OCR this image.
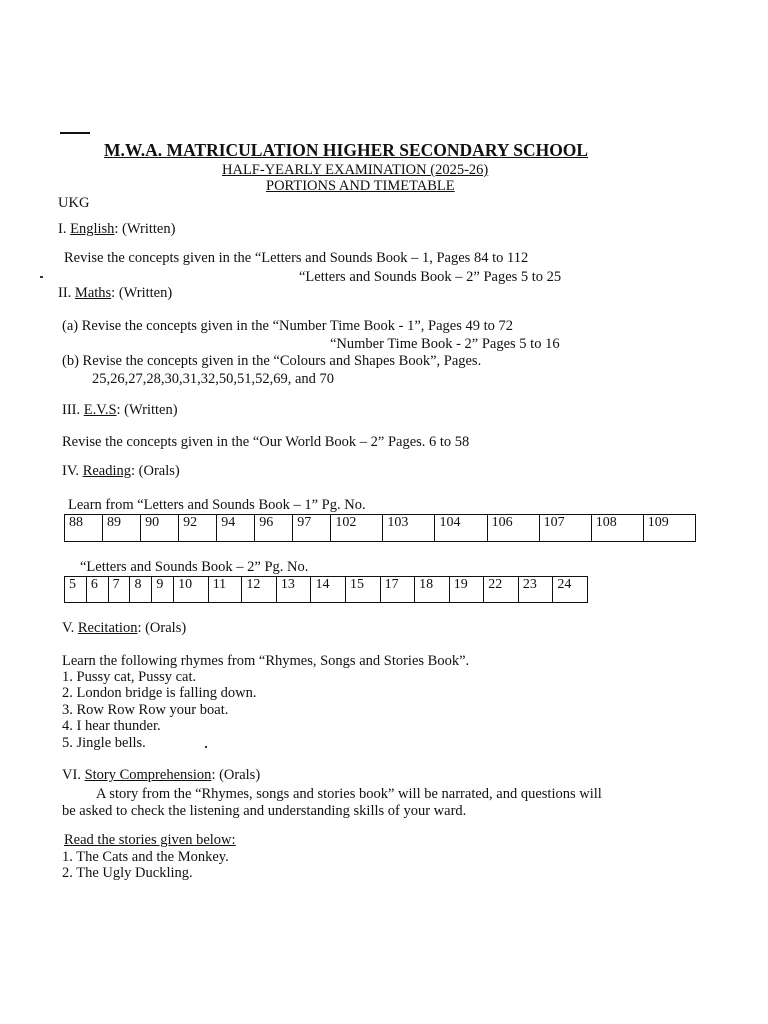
M.W.A. MATRICULATION HIGHER SECONDARY SCHOOL
HALF-YEARLY EXAMINATION (2025-26)
PORTIONS AND TIMETABLE
UKG
I. English: (Written)
Revise the concepts given in the “Letters and Sounds Book – 1, Pages 84 to 112
“Letters and Sounds Book – 2” Pages 5 to 25
II. Maths: (Written)
(a) Revise the concepts given in the “Number Time Book - 1”, Pages 49 to 72
“Number Time Book - 2” Pages 5 to 16
(b) Revise the concepts given in the “Colours and Shapes Book”, Pages.
25,26,27,28,30,31,32,50,51,52,69, and 70
III. E.V.S: (Written)
Revise the concepts given in the “Our World Book – 2” Pages. 6 to 58
IV. Reading: (Orals)
Learn from “Letters and Sounds Book – 1” Pg. No.
88	89	90	92	94	96	97	102	103	104	106	107	108	109
“Letters and Sounds Book – 2” Pg. No.
5	6	7	8	9	10	11	12	13	14	15	17	18	19	22	23	24
V. Recitation: (Orals)
Learn the following rhymes from “Rhymes, Songs and Stories Book”.
1. Pussy cat, Pussy cat.
2. London bridge is falling down.
3. Row Row Row your boat.
4. I hear thunder.
5. Jingle bells.
VI. Story Comprehension: (Orals)
A story from the “Rhymes, songs and stories book” will be narrated, and questions will
be asked to check the listening and understanding skills of your ward.
Read the stories given below:
1. The Cats and the Monkey.
2. The Ugly Duckling.
